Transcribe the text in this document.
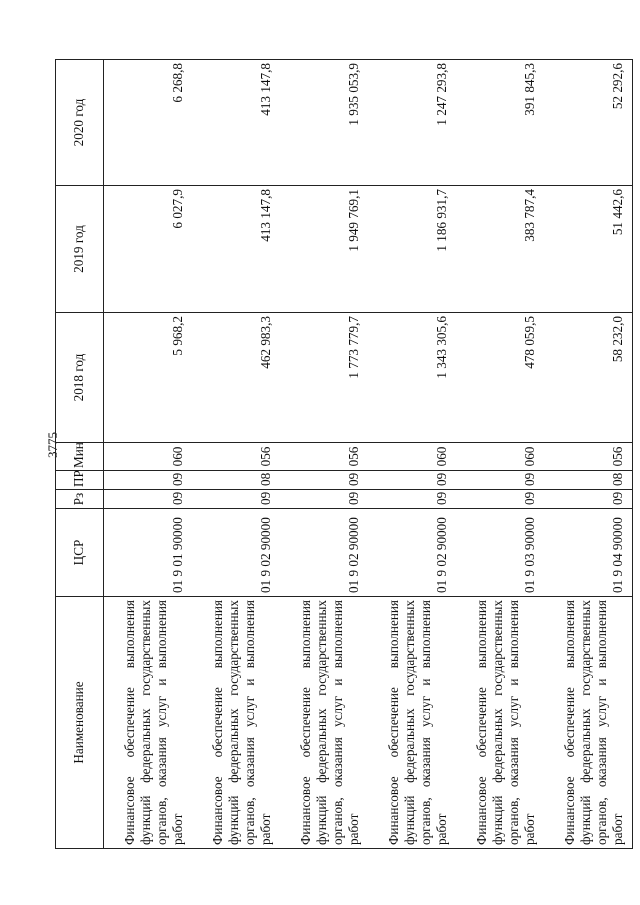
3775
Наименование	ЦСР	Рз	ПР	Мин	2018 год	2019 год	2020 год
Финансовое обеспечение выполнения функций федеральных государственных органов, оказания услуг и выполнения работ	01 9 01 90000	09	09	060	5 968,2	6 027,9	6 268,8
Финансовое обеспечение выполнения функций федеральных государственных органов, оказания услуг и выполнения работ	01 9 02 90000	09	08	056	462 983,3	413 147,8	413 147,8
Финансовое обеспечение выполнения функций федеральных государственных органов, оказания услуг и выполнения работ	01 9 02 90000	09	09	056	1 773 779,7	1 949 769,1	1 935 053,9
Финансовое обеспечение выполнения функций федеральных государственных органов, оказания услуг и выполнения работ	01 9 02 90000	09	09	060	1 343 305,6	1 186 931,7	1 247 293,8
Финансовое обеспечение выполнения функций федеральных государственных органов, оказания услуг и выполнения работ	01 9 03 90000	09	09	060	478 059,5	383 787,4	391 845,3
Финансовое обеспечение выполнения функций федеральных государственных органов, оказания услуг и выполнения работ	01 9 04 90000	09	08	056	58 232,0	51 442,6	52 292,6
